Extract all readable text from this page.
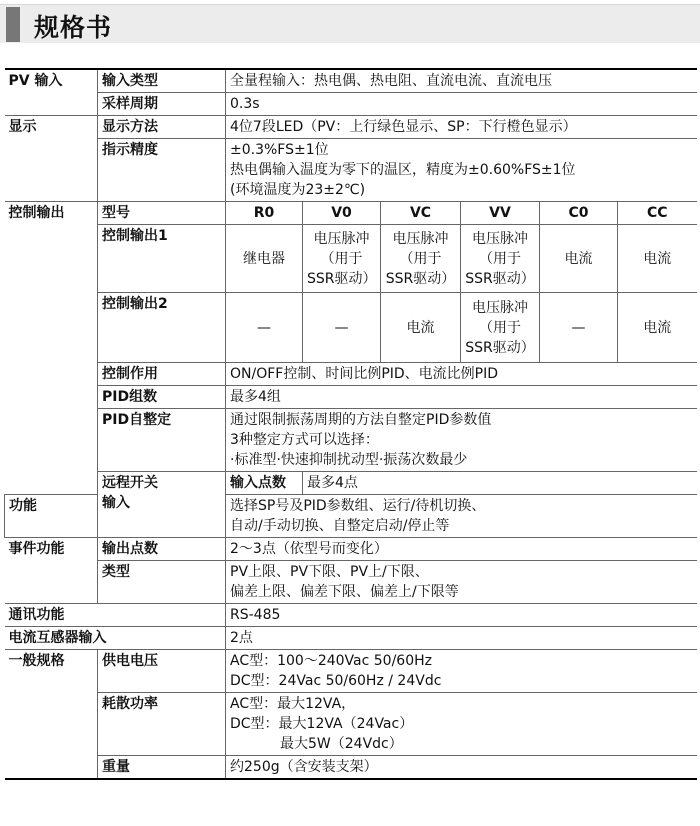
规格书
PV 输入	输入类型	全量程输入：热电偶、热电阻、直流电流、直流电压					
	采样周期	0.3s					
显示	显示方法	4位7段LED（PV：上行绿色显示、SP：下行橙色显示）					
	指示精度	±0.3%FS±1位
热电偶输入温度为零下的温区，精度为±0.60%FS±1位
(环境温度为23±2℃)					

控制输出	型号	R0	V0	VC	VV	C0	CC
	控制输出1	继电器	电压脉冲
（用于
SSR驱动）	电压脉冲
（用于
SSR驱动）	电压脉冲
（用于
SSR驱动）	电流	电流

	控制输出2	—	—	电流	电压脉冲
（用于
SSR驱动）	—	电流

	控制作用	ON/OFF控制、时间比例PID、电流比例PID					
	PID组数	最多4组					
	PID自整定	通过限制振荡周期的方法自整定PID参数值
3种整定方式可以选择：
·标准型·快速抑制扰动型·振荡次数最少					

	远程开关
输入	输入点数	最多4点				
功能		选择SP号及PID参数组、运行/待机切换、
自动/手动切换、自整定启动/停止等					

事件功能	输出点数	2～3点（依型号而变化）					
	类型	PV上限、PV下限、PV上/下限、
偏差上限、偏差下限、偏差上/下限等					

通讯功能		RS-485					
电流互感器输入		2点					
一般规格	供电电压	AC型：100～240Vac 50/60Hz
DC型：24Vac 50/60Hz / 24Vdc					

	耗散功率	AC型：最大12VA，
DC型：最大12VA（24Vac）
最大5W（24Vdc）					

	重量	约250g（含安装支架）					
